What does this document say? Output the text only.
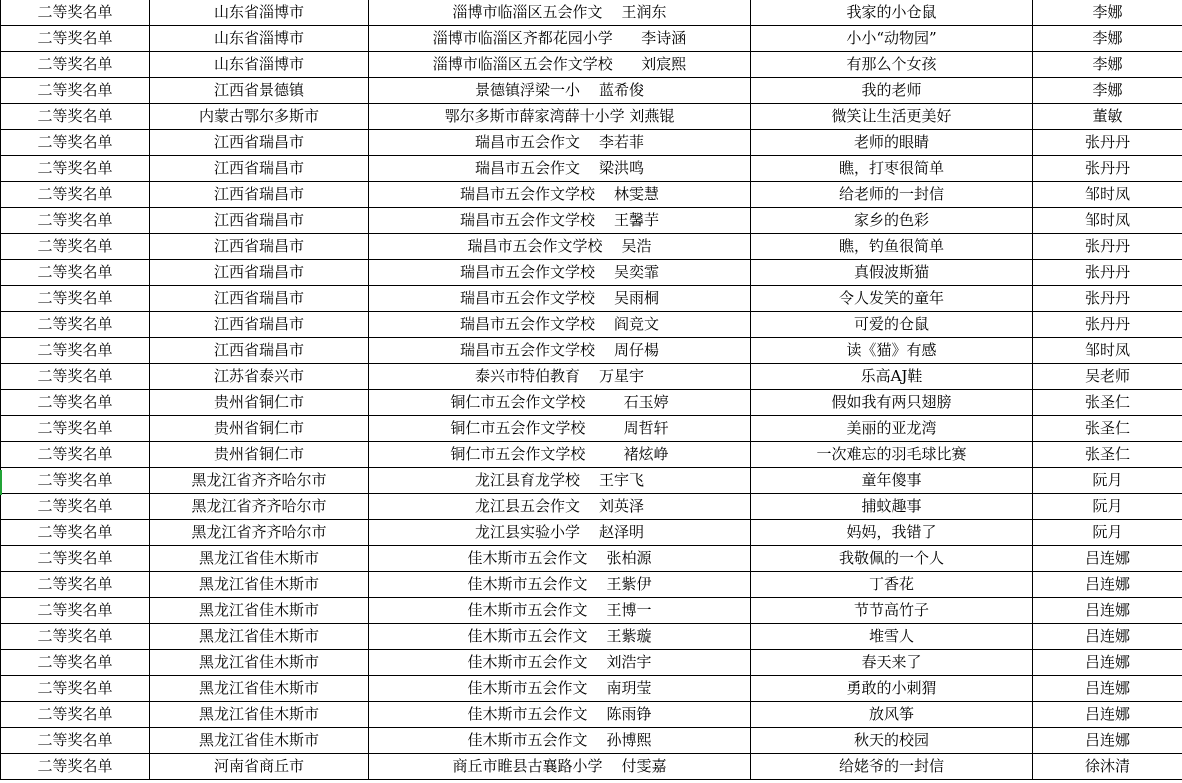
二等奖名单	山东省淄博市	淄博市临淄区五会作文    王润东	我家的小仓鼠	李娜
二等奖名单	山东省淄博市	淄博市临淄区齐都花园小学      李诗涵	小小“动物园”	李娜
二等奖名单	山东省淄博市	淄博市临淄区五会作文学校      刘宸熙	有那么个女孩	李娜
二等奖名单	江西省景德镇	景德镇浮梁一小    蓝希俊	我的老师	李娜
二等奖名单	内蒙古鄂尔多斯市	鄂尔多斯市薛家湾薛十小学 刘燕锟	微笑让生活更美好	董敏
二等奖名单	江西省瑞昌市	瑞昌市五会作文    李若菲	老师的眼睛	张丹丹
二等奖名单	江西省瑞昌市	瑞昌市五会作文    梁洪鸣	瞧，打枣很简单	张丹丹
二等奖名单	江西省瑞昌市	瑞昌市五会作文学校    林雯慧	给老师的一封信	邹时凤
二等奖名单	江西省瑞昌市	瑞昌市五会作文学校    王馨芋	家乡的色彩	邹时凤
二等奖名单	江西省瑞昌市	瑞昌市五会作文学校    吴浩	瞧，钓鱼很简单	张丹丹
二等奖名单	江西省瑞昌市	瑞昌市五会作文学校    吴奕霏	真假波斯猫	张丹丹
二等奖名单	江西省瑞昌市	瑞昌市五会作文学校    吴雨桐	令人发笑的童年	张丹丹
二等奖名单	江西省瑞昌市	瑞昌市五会作文学校    阎竞文	可爱的仓鼠	张丹丹
二等奖名单	江西省瑞昌市	瑞昌市五会作文学校    周仔楊	读《猫》有感	邹时凤
二等奖名单	江苏省泰兴市	泰兴市特伯教育    万星宇	乐高AJ鞋	吴老师
二等奖名单	贵州省铜仁市	铜仁市五会作文学校        石玉婷	假如我有两只翅膀	张圣仁
二等奖名单	贵州省铜仁市	铜仁市五会作文学校        周哲轩	美丽的亚龙湾	张圣仁
二等奖名单	贵州省铜仁市	铜仁市五会作文学校        褚炫峥	一次难忘的羽毛球比赛	张圣仁
二等奖名单	黑龙江省齐齐哈尔市	龙江县育龙学校    王宇飞	童年傻事	阮月
二等奖名单	黑龙江省齐齐哈尔市	龙江县五会作文    刘英泽	捕蚊趣事	阮月
二等奖名单	黑龙江省齐齐哈尔市	龙江县实验小学    赵泽明	妈妈，我错了	阮月
二等奖名单	黑龙江省佳木斯市	佳木斯市五会作文    张柏源	我敬佩的一个人	吕连娜
二等奖名单	黑龙江省佳木斯市	佳木斯市五会作文    王紫伊	丁香花	吕连娜
二等奖名单	黑龙江省佳木斯市	佳木斯市五会作文    王博一	节节高竹子	吕连娜
二等奖名单	黑龙江省佳木斯市	佳木斯市五会作文    王紫璇	堆雪人	吕连娜
二等奖名单	黑龙江省佳木斯市	佳木斯市五会作文    刘浩宇	春天来了	吕连娜
二等奖名单	黑龙江省佳木斯市	佳木斯市五会作文    南玥莹	勇敢的小刺猬	吕连娜
二等奖名单	黑龙江省佳木斯市	佳木斯市五会作文    陈雨铮	放风筝	吕连娜
二等奖名单	黑龙江省佳木斯市	佳木斯市五会作文    孙博熙	秋天的校园	吕连娜
二等奖名单	河南省商丘市	商丘市睢县古襄路小学    付雯嘉	给姥爷的一封信	徐沐清
